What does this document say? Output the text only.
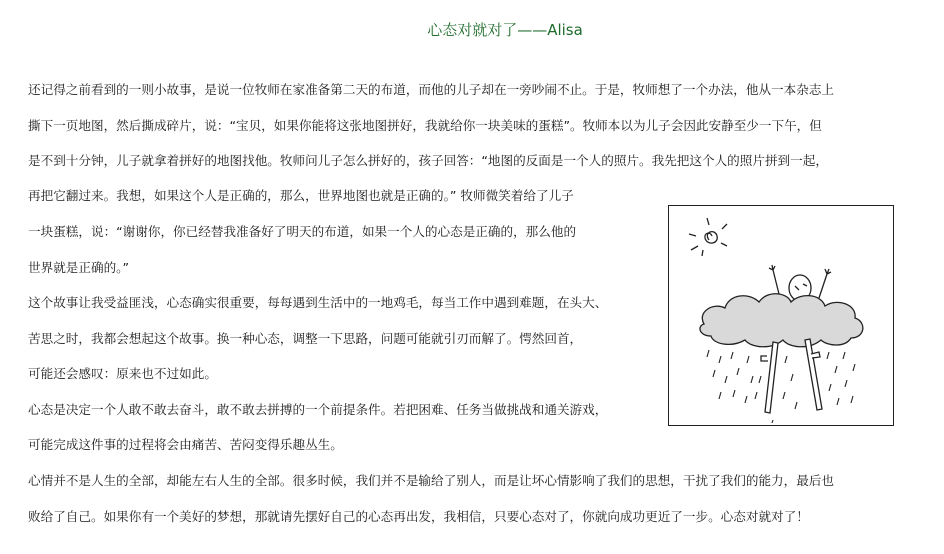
心态对就对了——Alisa
还记得之前看到的一则小故事，是说一位牧师在家准备第二天的布道，而他的儿子却在一旁吵闹不止。于是，牧师想了一个办法，他从一本杂志上
撕下一页地图，然后撕成碎片，说：“宝贝，如果你能将这张地图拼好，我就给你一块美味的蛋糕”。牧师本以为儿子会因此安静至少一下午，但
是不到十分钟，儿子就拿着拼好的地图找他。牧师问儿子怎么拼好的，孩子回答：“地图的反面是一个人的照片。我先把这个人的照片拼到一起，
再把它翻过来。我想，如果这个人是正确的，那么，世界地图也就是正确的。” 牧师微笑着给了儿子
一块蛋糕，说：“谢谢你，你已经替我准备好了明天的布道，如果一个人的心态是正确的，那么他的
世界就是正确的。”
这个故事让我受益匪浅，心态确实很重要，每每遇到生活中的一地鸡毛，每当工作中遇到难题，在头大、
苦思之时，我都会想起这个故事。换一种心态，调整一下思路，问题可能就引刃而解了。愕然回首，
可能还会感叹：原来也不过如此。
心态是决定一个人敢不敢去奋斗，敢不敢去拼搏的一个前提条件。若把困难、任务当做挑战和通关游戏，
可能完成这件事的过程将会由痛苦、苦闷变得乐趣丛生。
心情并不是人生的全部，却能左右人生的全部。很多时候，我们并不是输给了别人，而是让坏心情影响了我们的思想，干扰了我们的能力，最后也
败给了自己。如果你有一个美好的梦想，那就请先摆好自己的心态再出发，我相信，只要心态对了，你就向成功更近了一步。心态对就对了！
